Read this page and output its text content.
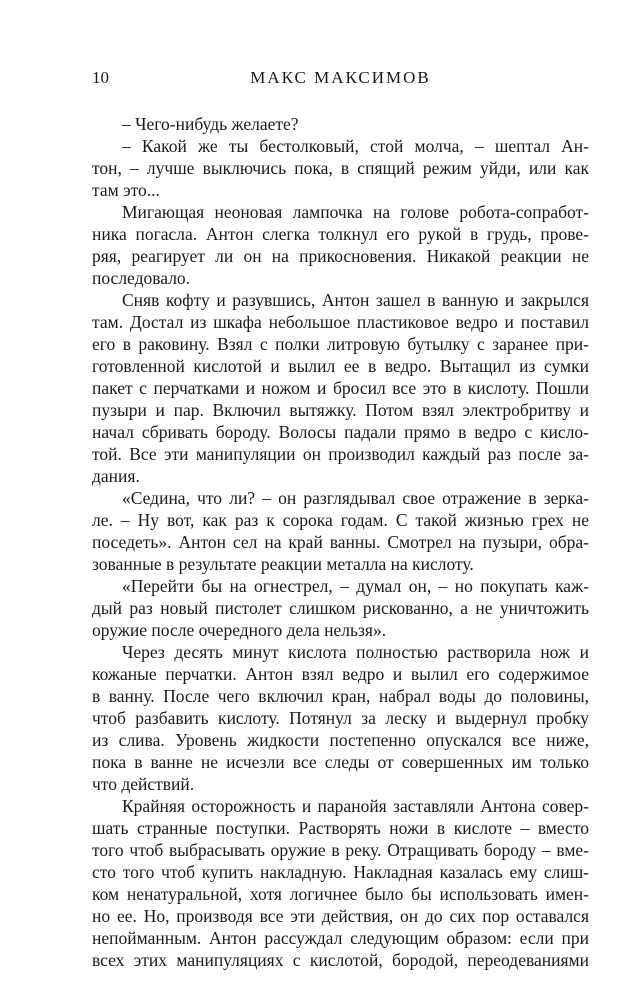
10	МАКС МАКСИМОВ
– Чего-нибудь желаете?
– Какой же ты бестолковый, стой молча, – шептал Ан-
тон, – лучше выключись пока, в спящий режим уйди, или как
там это...
Мигающая неоновая лампочка на голове робота-сопработ-
ника погасла. Антон слегка толкнул его рукой в грудь, прове-
ряя, реагирует ли он на прикосновения. Никакой реакции не
последовало.
Сняв кофту и разувшись, Антон зашел в ванную и закрылся
там. Достал из шкафа небольшое пластиковое ведро и поставил
его в раковину. Взял с полки литровую бутылку с заранее при-
готовленной кислотой и вылил ее в ведро. Вытащил из сумки
пакет с перчатками и ножом и бросил все это в кислоту. Пошли
пузыри и пар. Включил вытяжку. Потом взял электробритву и
начал сбривать бороду. Волосы падали прямо в ведро с кисло-
той. Все эти манипуляции он производил каждый раз после за-
дания.
«Седина, что ли? – он разглядывал свое отражение в зерка-
ле. – Ну вот, как раз к сорока годам. С такой жизнью грех не
поседеть». Антон сел на край ванны. Смотрел на пузыри, обра-
зованные в результате реакции металла на кислоту.
«Перейти бы на огнестрел, – думал он, – но покупать каж-
дый раз новый пистолет слишком рискованно, а не уничтожить
оружие после очередного дела нельзя».
Через десять минут кислота полностью растворила нож и
кожаные перчатки. Антон взял ведро и вылил его содержимое
в ванну. После чего включил кран, набрал воды до половины,
чтоб разбавить кислоту. Потянул за леску и выдернул пробку
из слива. Уровень жидкости постепенно опускался все ниже,
пока в ванне не исчезли все следы от совершенных им только
что действий.
Крайняя осторожность и паранойя заставляли Антона совер-
шать странные поступки. Растворять ножи в кислоте – вместо
того чтоб выбрасывать оружие в реку. Отращивать бороду – вме-
сто того чтоб купить накладную. Накладная казалась ему слиш-
ком ненатуральной, хотя логичнее было бы использовать имен-
но ее. Но, производя все эти действия, он до сих пор оставался
непойманным. Антон рассуждал следующим образом: если при
всех этих манипуляциях с кислотой, бородой, переодеваниями
